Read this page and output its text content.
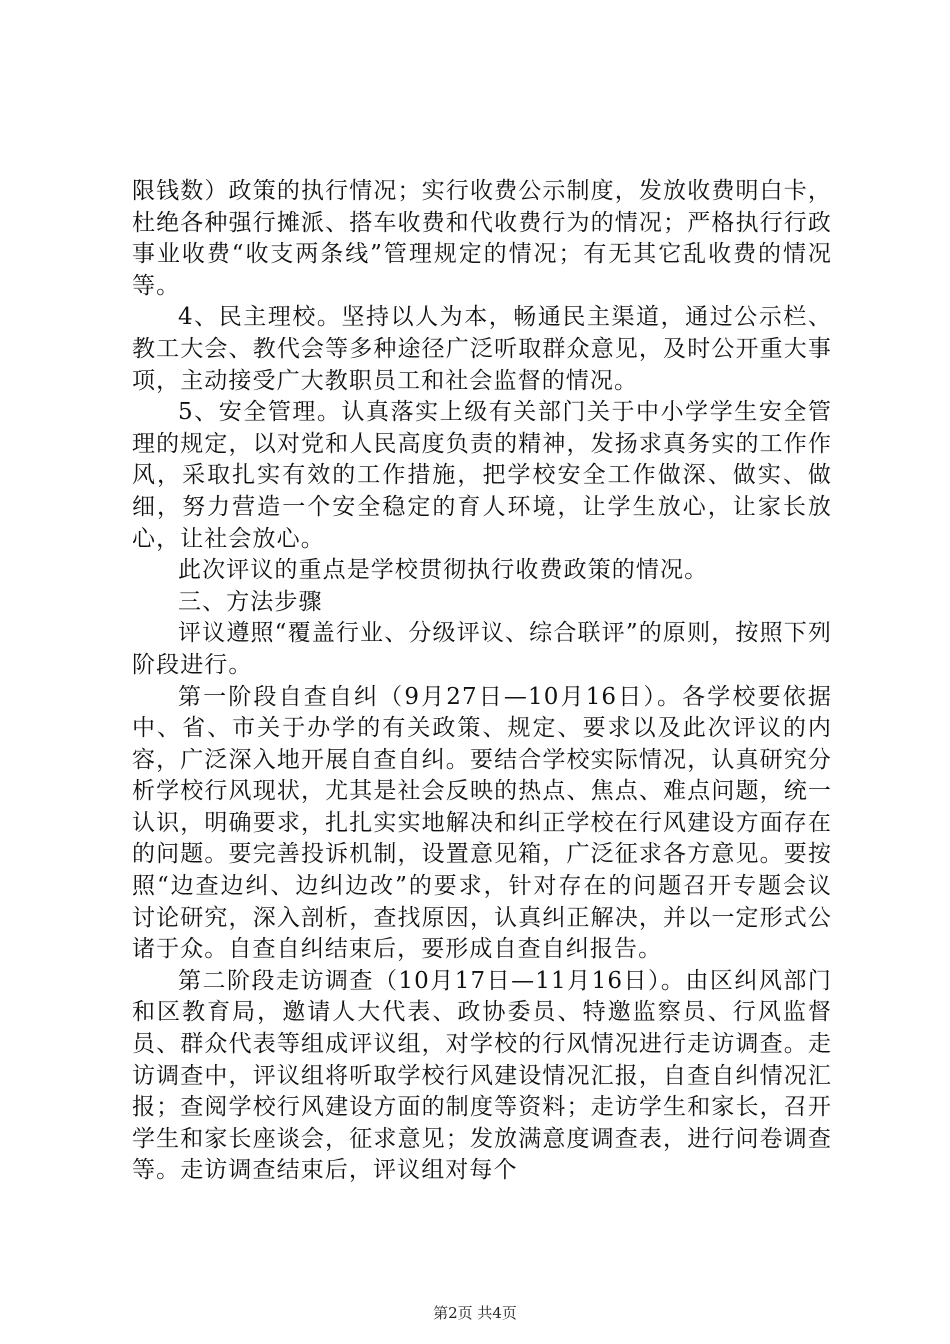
限钱数）政策的执行情况；实行收费公示制度，发放收费明白卡，杜绝各种强行摊派、搭车收费和代收费行为的情况；严格执行行政事业收费“收支两条线”管理规定的情况；有无其它乱收费的情况等。

4、民主理校。坚持以人为本，畅通民主渠道，通过公示栏、教工大会、教代会等多种途径广泛听取群众意见，及时公开重大事项，主动接受广大教职员工和社会监督的情况。

5、安全管理。认真落实上级有关部门关于中小学学生安全管理的规定，以对党和人民高度负责的精神，发扬求真务实的工作作风，采取扎实有效的工作措施，把学校安全工作做深、做实、做细，努力营造一个安全稳定的育人环境，让学生放心，让家长放心，让社会放心。

此次评议的重点是学校贯彻执行收费政策的情况。

三、方法步骤

评议遵照“覆盖行业、分级评议、综合联评”的原则，按照下列阶段进行。

第一阶段自查自纠（9月27日—10月16日）。各学校要依据中、省、市关于办学的有关政策、规定、要求以及此次评议的内容，广泛深入地开展自查自纠。要结合学校实际情况，认真研究分析学校行风现状，尤其是社会反映的热点、焦点、难点问题，统一认识，明确要求，扎扎实实地解决和纠正学校在行风建设方面存在的问题。要完善投诉机制，设置意见箱，广泛征求各方意见。要按照“边查边纠、边纠边改”的要求，针对存在的问题召开专题会议讨论研究，深入剖析，查找原因，认真纠正解决，并以一定形式公诸于众。自查自纠结束后，要形成自查自纠报告。

第二阶段走访调查（10月17日—11月16日）。由区纠风部门和区教育局，邀请人大代表、政协委员、特邀监察员、行风监督员、群众代表等组成评议组，对学校的行风情况进行走访调查。走访调查中，评议组将听取学校行风建设情况汇报，自查自纠情况汇报；查阅学校行风建设方面的制度等资料；走访学生和家长，召开学生和家长座谈会，征求意见；发放满意度调查表，进行问卷调查等。走访调查结束后，评议组对每个

第2页 共4页
